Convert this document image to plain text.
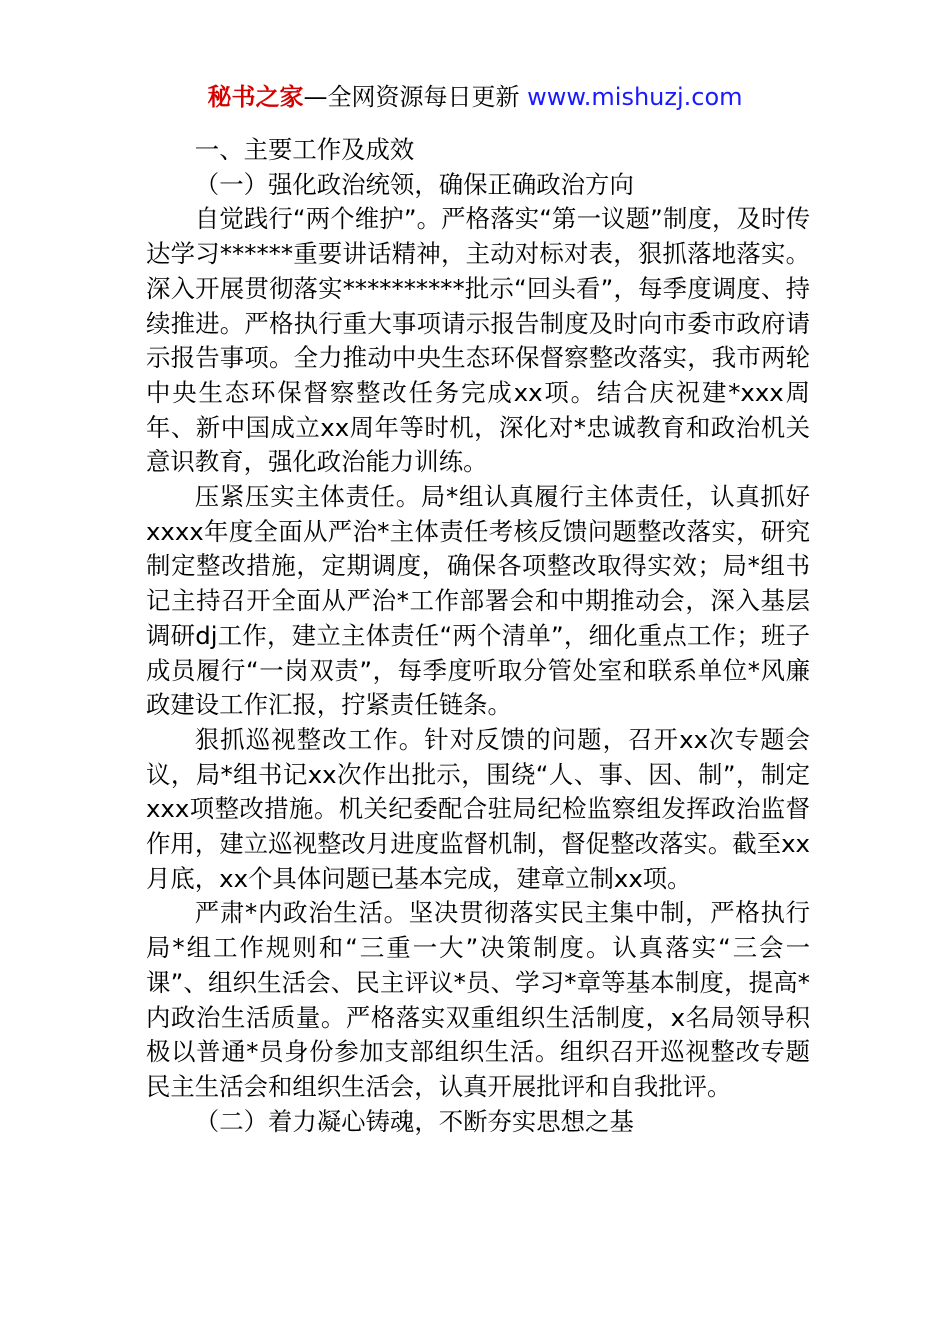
秘书之家—全网资源每日更新 www.mishuzj.com

一、主要工作及成效

（一）强化政治统领，确保正确政治方向

自觉践行“两个维护”。严格落实“第一议题”制度，及时传达学习******重要讲话精神，主动对标对表，狠抓落地落实。深入开展贯彻落实**********批示“回头看”，每季度调度、持续推进。严格执行重大事项请示报告制度及时向市委市政府请示报告事项。全力推动中央生态环保督察整改落实，我市两轮中央生态环保督察整改任务完成xx项。结合庆祝建*xxx周年、新中国成立xx周年等时机，深化对*忠诚教育和政治机关意识教育，强化政治能力训练。

压紧压实主体责任。局*组认真履行主体责任，认真抓好xxxx年度全面从严治*主体责任考核反馈问题整改落实，研究制定整改措施，定期调度，确保各项整改取得实效；局*组书记主持召开全面从严治*工作部署会和中期推动会，深入基层调研dj工作，建立主体责任“两个清单”，细化重点工作；班子成员履行“一岗双责”，每季度听取分管处室和联系单位*风廉政建设工作汇报，拧紧责任链条。

狠抓巡视整改工作。针对反馈的问题，召开xx次专题会议，局*组书记xx次作出批示，围绕“人、事、因、制”，制定xxx项整改措施。机关纪委配合驻局纪检监察组发挥政治监督作用，建立巡视整改月进度监督机制，督促整改落实。截至xx月底，xx个具体问题已基本完成，建章立制xx项。

严肃*内政治生活。坚决贯彻落实民主集中制，严格执行局*组工作规则和“三重一大”决策制度。认真落实“三会一课”、组织生活会、民主评议*员、学习*章等基本制度，提高*内政治生活质量。严格落实双重组织生活制度，x名局领导积极以普通*员身份参加支部组织生活。组织召开巡视整改专题民主生活会和组织生活会，认真开展批评和自我批评。

（二）着力凝心铸魂，不断夯实思想之基
